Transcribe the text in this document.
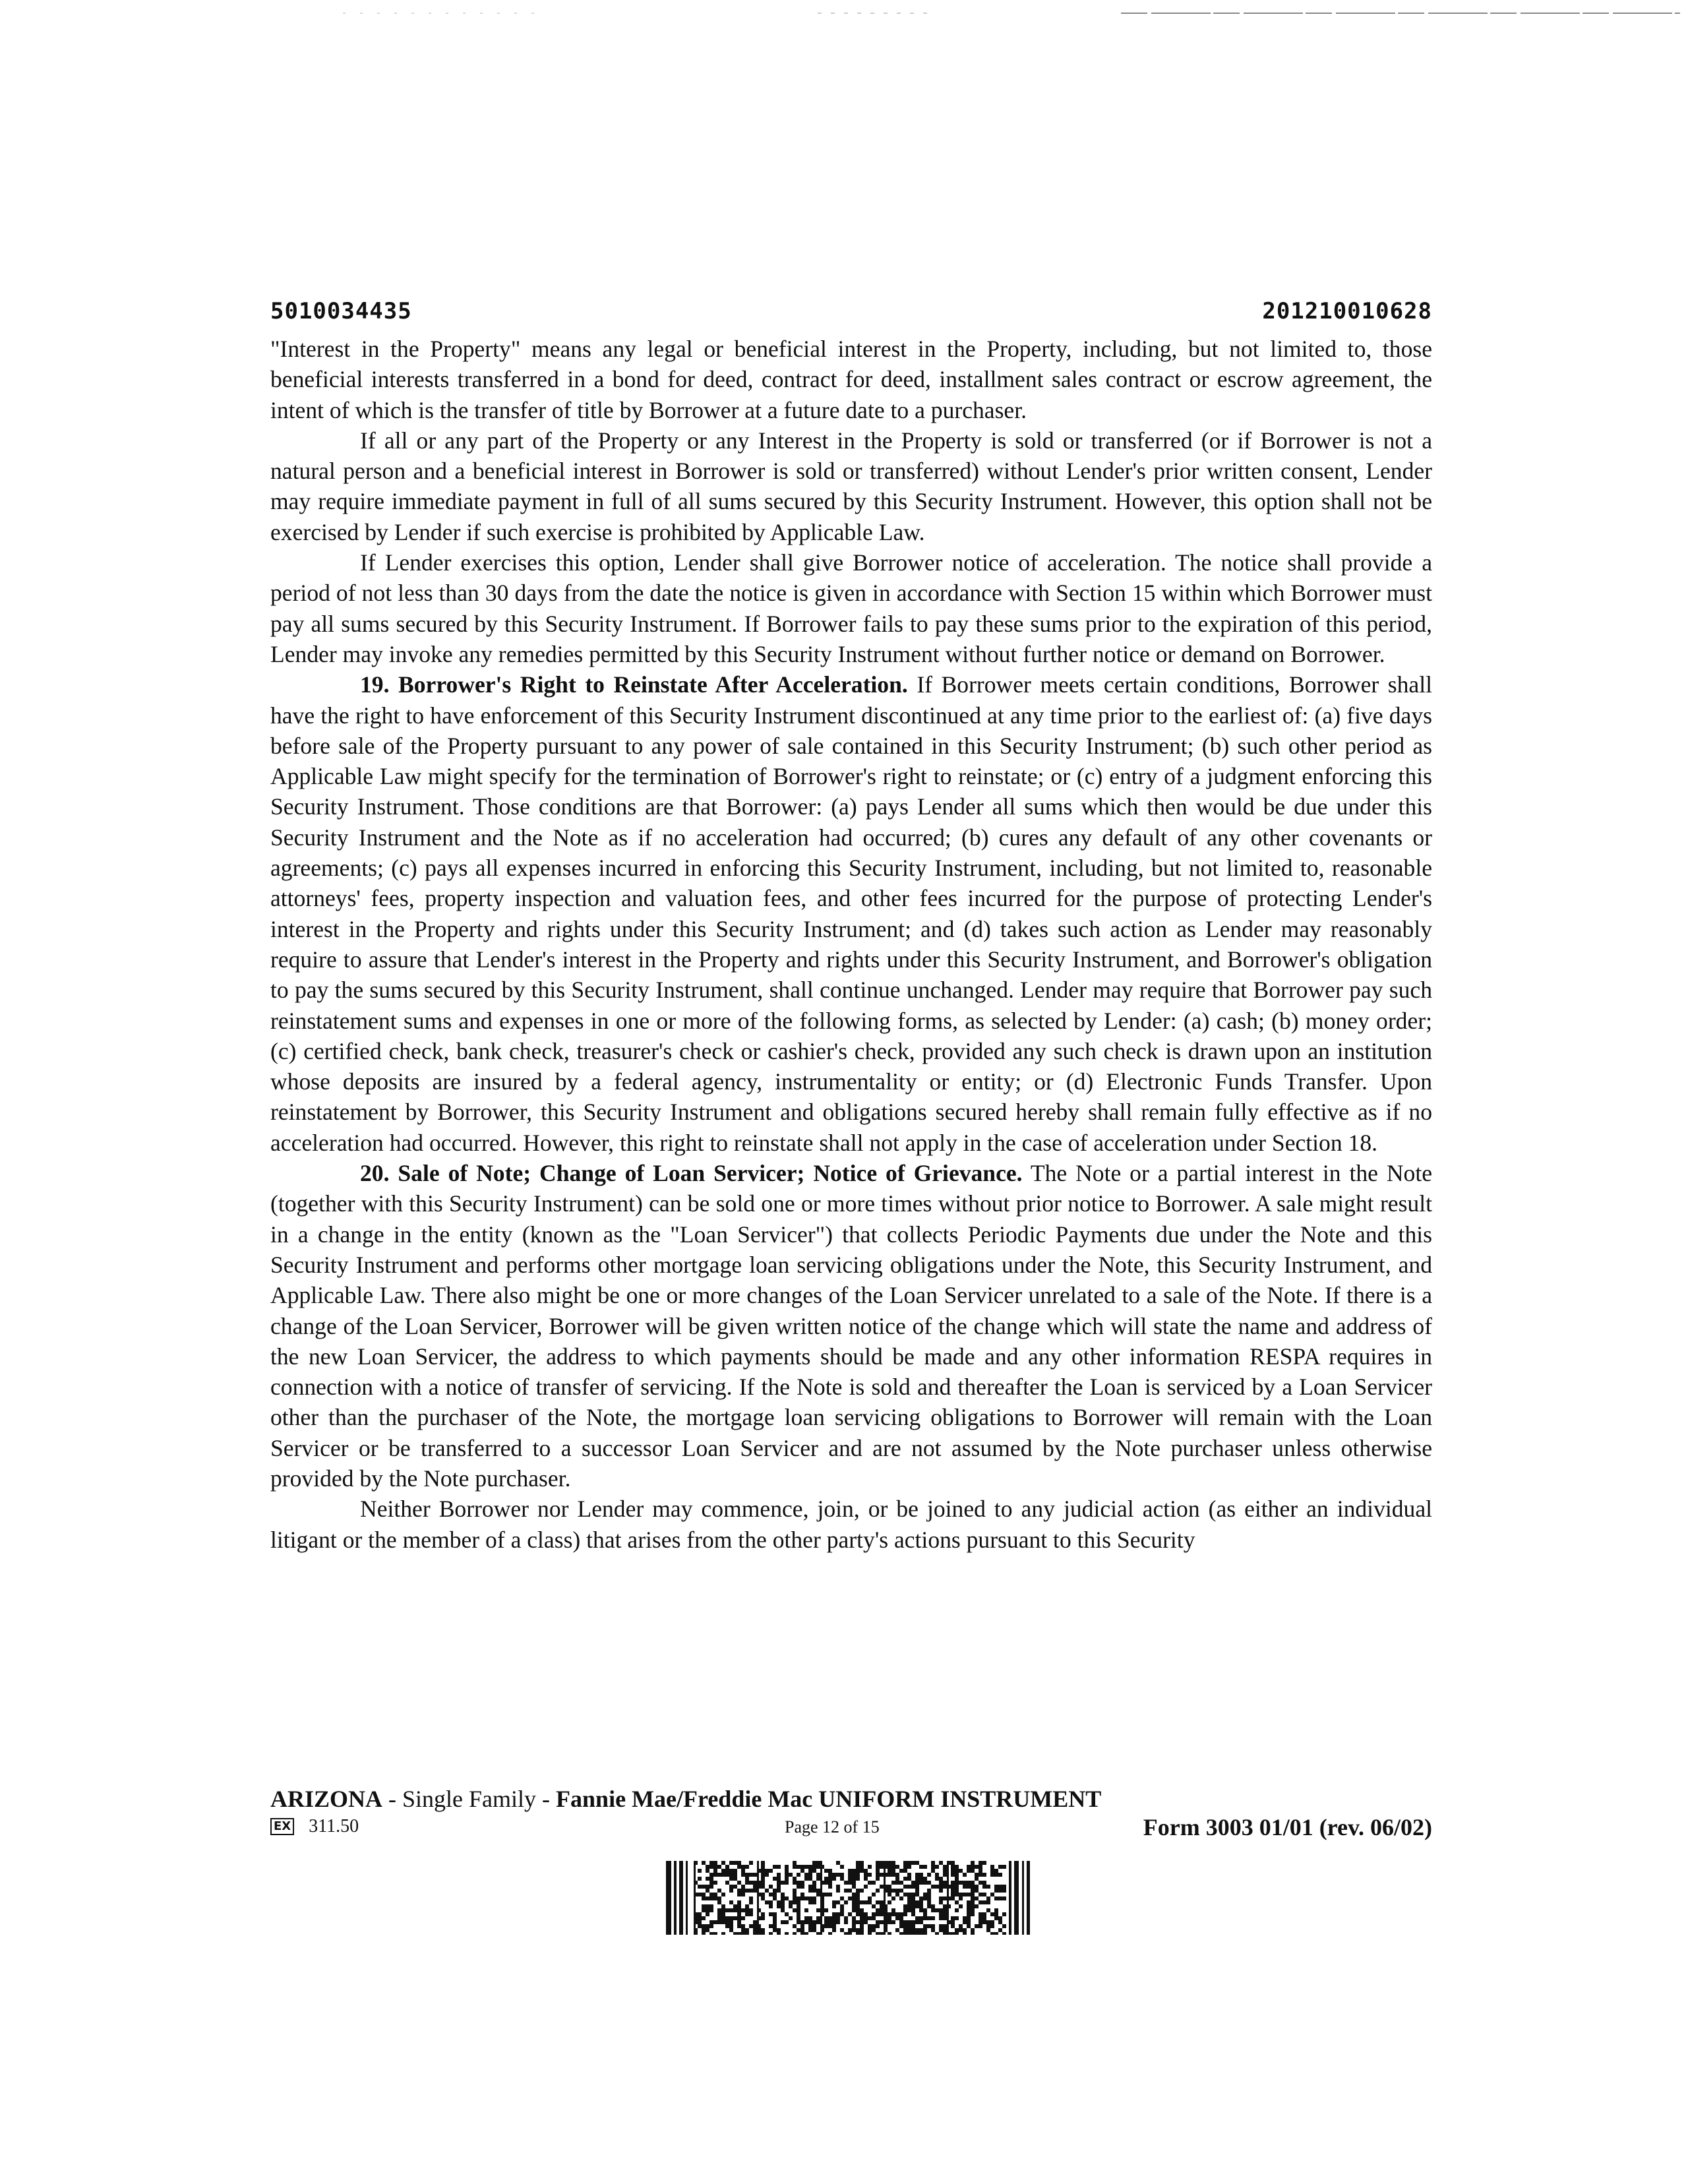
5010034435	201210010628

"Interest in the Property" means any legal or beneficial interest in the Property, including, but not limited to, those beneficial interests transferred in a bond for deed, contract for deed, installment sales contract or escrow agreement, the intent of which is the transfer of title by Borrower at a future date to a purchaser.

If all or any part of the Property or any Interest in the Property is sold or transferred (or if Borrower is not a natural person and a beneficial interest in Borrower is sold or transferred) without Lender's prior written consent, Lender may require immediate payment in full of all sums secured by this Security Instrument. However, this option shall not be exercised by Lender if such exercise is prohibited by Applicable Law.

If Lender exercises this option, Lender shall give Borrower notice of acceleration. The notice shall provide a period of not less than 30 days from the date the notice is given in accordance with Section 15 within which Borrower must pay all sums secured by this Security Instrument. If Borrower fails to pay these sums prior to the expiration of this period, Lender may invoke any remedies permitted by this Security Instrument without further notice or demand on Borrower.

19. Borrower's Right to Reinstate After Acceleration. If Borrower meets certain conditions, Borrower shall have the right to have enforcement of this Security Instrument discontinued at any time prior to the earliest of: (a) five days before sale of the Property pursuant to any power of sale contained in this Security Instrument; (b) such other period as Applicable Law might specify for the termination of Borrower's right to reinstate; or (c) entry of a judgment enforcing this Security Instrument. Those conditions are that Borrower: (a) pays Lender all sums which then would be due under this Security Instrument and the Note as if no acceleration had occurred; (b) cures any default of any other covenants or agreements; (c) pays all expenses incurred in enforcing this Security Instrument, including, but not limited to, reasonable attorneys' fees, property inspection and valuation fees, and other fees incurred for the purpose of protecting Lender's interest in the Property and rights under this Security Instrument; and (d) takes such action as Lender may reasonably require to assure that Lender's interest in the Property and rights under this Security Instrument, and Borrower's obligation to pay the sums secured by this Security Instrument, shall continue unchanged. Lender may require that Borrower pay such reinstatement sums and expenses in one or more of the following forms, as selected by Lender: (a) cash; (b) money order; (c) certified check, bank check, treasurer's check or cashier's check, provided any such check is drawn upon an institution whose deposits are insured by a federal agency, instrumentality or entity; or (d) Electronic Funds Transfer. Upon reinstatement by Borrower, this Security Instrument and obligations secured hereby shall remain fully effective as if no acceleration had occurred. However, this right to reinstate shall not apply in the case of acceleration under Section 18.

20. Sale of Note; Change of Loan Servicer; Notice of Grievance. The Note or a partial interest in the Note (together with this Security Instrument) can be sold one or more times without prior notice to Borrower. A sale might result in a change in the entity (known as the "Loan Servicer") that collects Periodic Payments due under the Note and this Security Instrument and performs other mortgage loan servicing obligations under the Note, this Security Instrument, and Applicable Law. There also might be one or more changes of the Loan Servicer unrelated to a sale of the Note. If there is a change of the Loan Servicer, Borrower will be given written notice of the change which will state the name and address of the new Loan Servicer, the address to which payments should be made and any other information RESPA requires in connection with a notice of transfer of servicing. If the Note is sold and thereafter the Loan is serviced by a Loan Servicer other than the purchaser of the Note, the mortgage loan servicing obligations to Borrower will remain with the Loan Servicer or be transferred to a successor Loan Servicer and are not assumed by the Note purchaser unless otherwise provided by the Note purchaser.

Neither Borrower nor Lender may commence, join, or be joined to any judicial action (as either an individual litigant or the member of a class) that arises from the other party's actions pursuant to this Security

ARIZONA - Single Family - Fannie Mae/Freddie Mac UNIFORM INSTRUMENT
EX 311.50	Page 12 of 15	Form 3003 01/01 (rev. 06/02)
